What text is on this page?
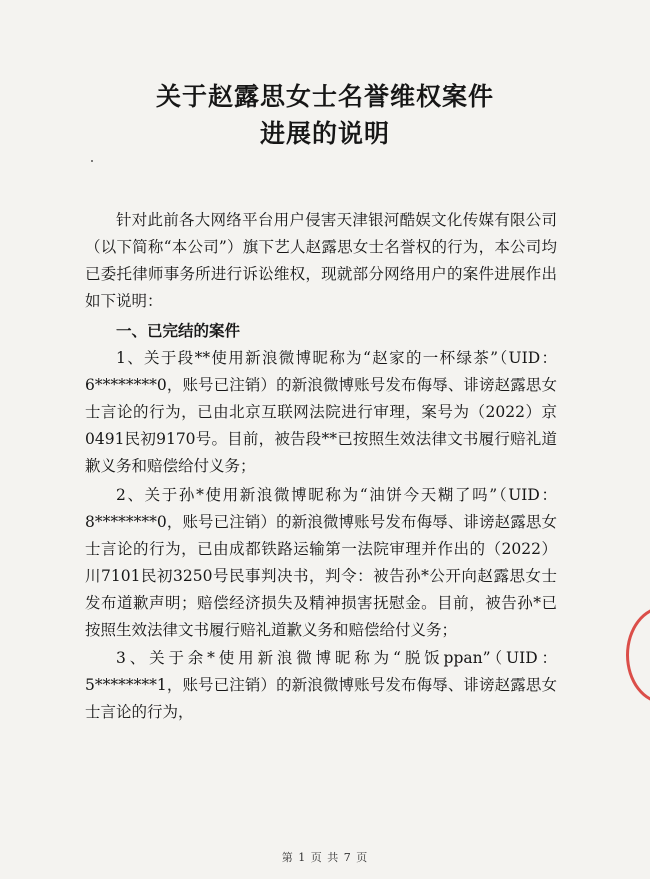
关于赵露思女士名誉维权案件
进展的说明

针对此前各大网络平台用户侵害天津银河酷娱文化传媒有限公司（以下简称“本公司”）旗下艺人赵露思女士名誉权的行为，本公司均已委托律师事务所进行诉讼维权，现就部分网络用户的案件进展作出如下说明：

一、已完结的案件

1、关于段**使用新浪微博昵称为“赵家的一杯绿茶”（UID：6********0，账号已注销）的新浪微博账号发布侮辱、诽谤赵露思女士言论的行为，已由北京互联网法院进行审理，案号为（2022）京0491民初9170号。目前，被告段**已按照生效法律文书履行赔礼道歉义务和赔偿给付义务；

2、关于孙*使用新浪微博昵称为“油饼今天糊了吗”（UID：8********0，账号已注销）的新浪微博账号发布侮辱、诽谤赵露思女士言论的行为，已由成都铁路运输第一法院审理并作出的（2022）川7101民初3250号民事判决书，判令：被告孙*公开向赵露思女士发布道歉声明；赔偿经济损失及精神损害抚慰金。目前，被告孙*已按照生效法律文书履行赔礼道歉义务和赔偿给付义务；

3、关于余*使用新浪微博昵称为“脱饭ppan”（UID：5********1，账号已注销）的新浪微博账号发布侮辱、诽谤赵露思女士言论的行为，

第 1 页 共 7 页
